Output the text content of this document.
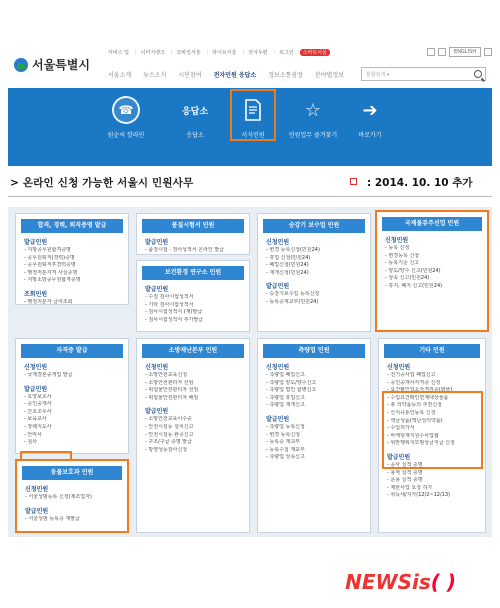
서비스 업 | 이미지뱅크 | 모바일서울 | 라이브서울 | 전자우편 | 로그인	스마트서울	ENGLISH
서울특별시
서울소개 뉴스소식 시민참여 전자민원 응답소 정보소통광장 분야별정보	통합검색 ▾
☎
원순씨 핫라인
응답소
응답소	서식민원
☆
민원업무 즐겨찾기
➔
바로가기
> 온라인 신청 가능한 서울시 민원사무	: 2014. 10. 10 추가
합격, 경력, 퇴직증명 발급
발급민원
- 지방공무원합격증명
- 공무원퇴직(경력)증명
- 공무원퇴직후경력증명
- 행정처분자격 사실증명
- 지방소방공무원합격증명
조회민원
- 행정처분자 급여조회
품질시험서 민원
발급민원
- 품질시험 · 검사성적서 온라인 발급
보건환경 연구소 민원
발급민원
- 수질 검사시험성적서
- 기타 검사시험성적서
- 검사시험성적서 (재)발급
- 검사시험성적서 추가발급
승강기 보수업 민원
신청민원
- 변경 등록신청(민원24)
- 휴업 신청(민원24)
- 폐업신청(민원24)
- 재개신청(민원24)
발급민원
- 승강기보수업 등록신청
- 등록증재교부(민원24)
국제물류주선업 민원
신청민원
- 등록 신청
- 변경등록 신청
- 등록기준 신고
- 양도/양수 신고(민원24)
- 상속 신고(민원24)
- 휴지, 폐지 신고(민원24)
자격증 발급
신청민원
- 국제결혼중개업 발급
발급민원
- 요양보호사
- 공인중개사
- 간호조무사
- 보육교사
- 장례지도사
- 안마사
- 침사
소방재난본부 민원
신청민원
- 소방안전교육신청
- 소방안전관리자 선임
- 위험물안전관리자 선임
- 위험물안전관리자 해임
발급민원
- 소방안전교육이수증
- 안전시설등 설치신고
- 안전시설등 완공신고
- 구조/구급 증명 발급
- 방염성능검사신청
측량업 민원
신청민원
- 측량업 폐업신고
- 측량업 양도/양수신고
- 측량업 법인 합병신고
- 측량업 휴업신고
- 측량업 재개신고
발급민원
- 측량업 등록신청
- 변경 등록신청
- 등록증 재교부
- 등록수첩 재교부
- 측량업 상속신고
기타 민원
신청민원
- 전기공사업 폐업신고
- 공인중개사자격증 신청
- 요건확인업소자격검증(뫼뚤)
- 수입요건확인면제대상물품
- 총 의약품등의 추천신청
- 산지유통인등록 신청
- 액난성품(액난성의약품)
- 수입허가서
- 마케팅재지원수사업협
- 위반행위지모범상금지급 신청
발급민원
- 공사 실적 증명
- 용역 실적 증명
- 운용 실적 증명
- 제한사업 요청 허가
- 취득세/지가(12/2~12/13)
동물보호과 민원
신청민원
- 서울성범등록 신청(제조업자)
발급민원
- 서울성범 등록증 재발급
NEWSis( )
